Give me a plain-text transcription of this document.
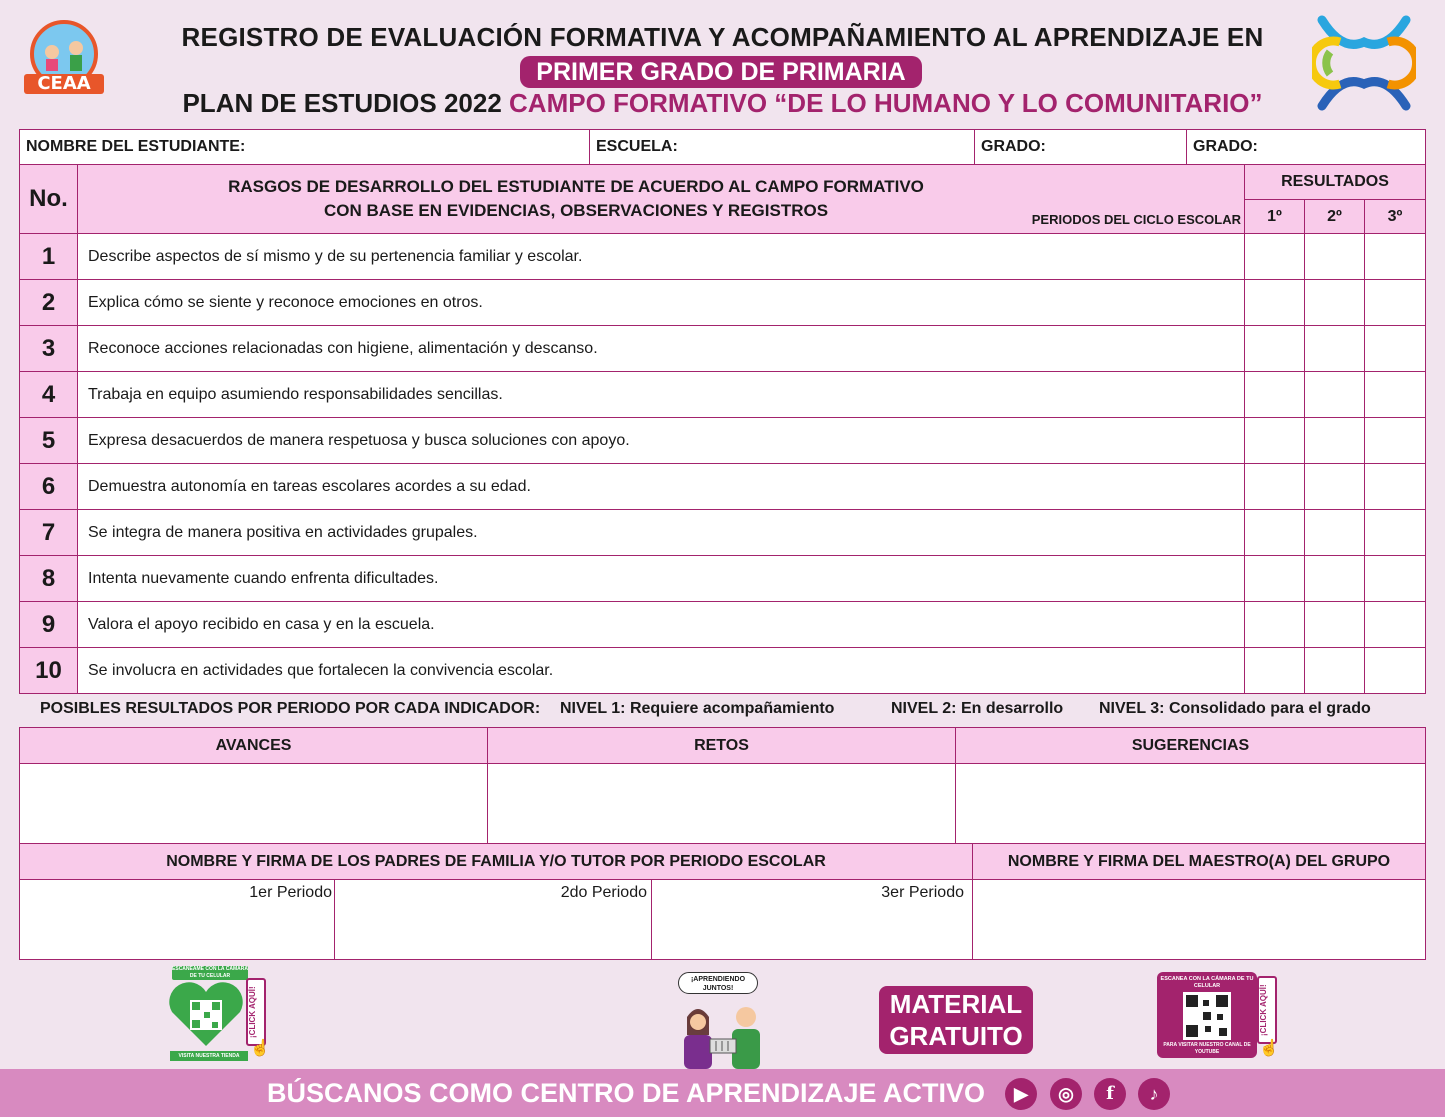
CEAA
REGISTRO DE EVALUACIÓN FORMATIVA Y ACOMPAÑAMIENTO AL APRENDIZAJE EN
PRIMER GRADO DE PRIMARIA
PLAN DE ESTUDIOS 2022 CAMPO FORMATIVO “DE LO HUMANO Y LO COMUNITARIO”
NOMBRE DEL ESTUDIANTE:	ESCUELA:	GRADO:	GRADO:
No.	RASGOS DE DESARROLLO DEL ESTUDIANTE DE ACUERDO AL CAMPO FORMATIVO
CON BASE EN EVIDENCIAS, OBSERVACIONES Y REGISTROS PERIODOS DEL CICLO ESCOLAR	RESULTADOS		
		1º	2º	3º
1	Describe aspectos de sí mismo y de su pertenencia familiar y escolar.			
2	Explica cómo se siente y reconoce emociones en otros.			
3	Reconoce acciones relacionadas con higiene, alimentación y descanso.			
4	Trabaja en equipo asumiendo responsabilidades sencillas.			
5	Expresa desacuerdos de manera respetuosa y busca soluciones con apoyo.			
6	Demuestra autonomía en tareas escolares acordes a su edad.			
7	Se integra de manera positiva en actividades grupales.			
8	Intenta nuevamente cuando enfrenta dificultades.			
9	Valora el apoyo recibido en casa y en la escuela.			
10	Se involucra en actividades que fortalecen la convivencia escolar.			
POSIBLES RESULTADOS POR PERIODO POR CADA INDICADOR: NIVEL 1: Requiere acompañamiento	NIVEL 2: En desarrollo NIVEL 3: Consolidado para el grado
AVANCES	RETOS	SUGERENCIAS

NOMBRE Y FIRMA DE LOS PADRES DE FAMILIA Y/O TUTOR POR PERIODO ESCOLAR			NOMBRE Y FIRMA DEL MAESTRO(A) DEL GRUPO
1er Periodo	2do Periodo	3er Periodo	
ESCANÉAME CON LA CÁMARA DE TU CELULAR
VISITA NUESTRA TIENDA
¡CLICK AQUÍ!
☝
¡APRENDIENDO JUNTOS!
MATERIAL GRATUITO
ESCANEA CON LA CÁMARA DE TU CELULAR
PARA VISITAR NUESTRO CANAL DE YOUTUBE
¡CLICK AQUÍ!
☝
BÚSCANOS COMO CENTRO DE APRENDIZAJE ACTIVO	▶	◎	f	♪
